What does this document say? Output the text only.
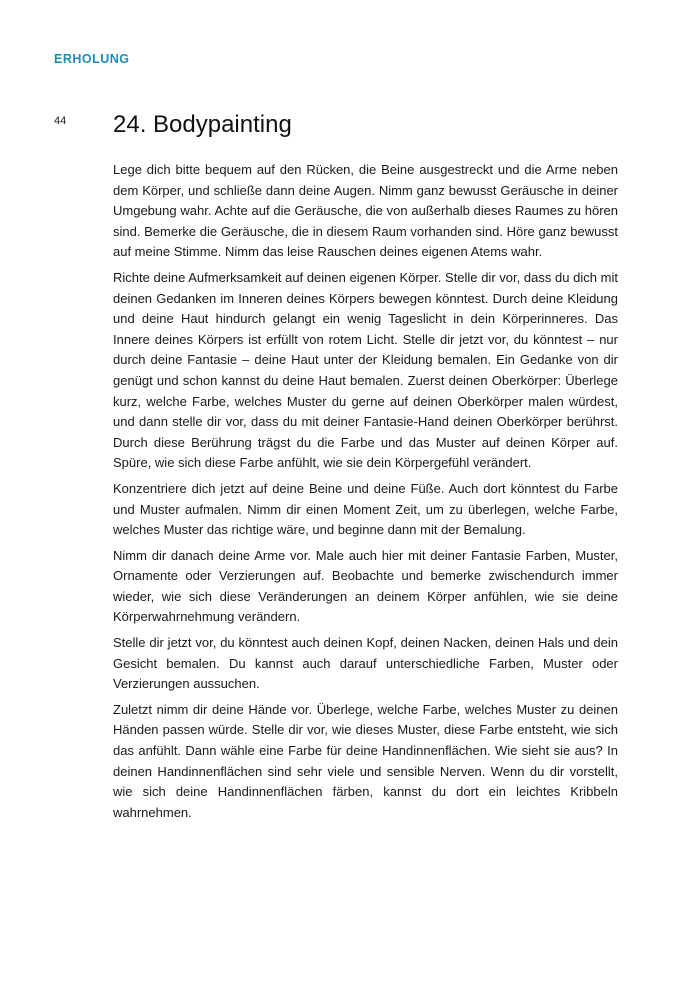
ERHOLUNG
44 24. Bodypainting

Lege dich bitte bequem auf den Rücken, die Beine ausgestreckt und die Arme neben dem Körper, und schließe dann deine Augen. Nimm ganz bewusst Geräusche in deiner Umgebung wahr. Achte auf die Geräusche, die von außerhalb dieses Raumes zu hören sind. Bemerke die Geräusche, die in diesem Raum vorhanden sind. Höre ganz bewusst auf meine Stimme. Nimm das leise Rauschen deines eigenen Atems wahr.

Richte deine Aufmerksamkeit auf deinen eigenen Körper. Stelle dir vor, dass du dich mit deinen Gedanken im Inneren deines Körpers bewegen könntest. Durch deine Kleidung und deine Haut hindurch gelangt ein wenig Tageslicht in dein Körperinneres. Das Innere deines Körpers ist erfüllt von rotem Licht. Stelle dir jetzt vor, du könntest – nur durch deine Fantasie – deine Haut unter der Kleidung bemalen. Ein Gedanke von dir genügt und schon kannst du deine Haut bemalen. Zuerst deinen Oberkörper: Überlege kurz, welche Farbe, welches Muster du gerne auf deinen Oberkörper malen würdest, und dann stelle dir vor, dass du mit deiner Fantasie-Hand deinen Oberkörper berührst. Durch diese Berührung trägst du die Farbe und das Muster auf deinen Körper auf. Spüre, wie sich diese Farbe anfühlt, wie sie dein Körpergefühl verändert.

Konzentriere dich jetzt auf deine Beine und deine Füße. Auch dort könntest du Farbe und Muster aufmalen. Nimm dir einen Moment Zeit, um zu überlegen, welche Farbe, welches Muster das richtige wäre, und beginne dann mit der Bemalung.

Nimm dir danach deine Arme vor. Male auch hier mit deiner Fantasie Farben, Muster, Ornamente oder Verzierungen auf. Beobachte und bemerke zwischendurch immer wieder, wie sich diese Veränderungen an deinem Körper anfühlen, wie sie deine Körperwahrnehmung verändern.

Stelle dir jetzt vor, du könntest auch deinen Kopf, deinen Nacken, deinen Hals und dein Gesicht bemalen. Du kannst auch darauf unterschiedliche Farben, Muster oder Verzierungen aussuchen.

Zuletzt nimm dir deine Hände vor. Überlege, welche Farbe, welches Muster zu deinen Händen passen würde. Stelle dir vor, wie dieses Muster, diese Farbe entsteht, wie sich das anfühlt. Dann wähle eine Farbe für deine Handinnenflächen. Wie sieht sie aus? In deinen Handinnenflächen sind sehr viele und sensible Nerven. Wenn du dir vorstellt, wie sich deine Handinnenflächen färben, kannst du dort ein leichtes Kribbeln wahrnehmen.
